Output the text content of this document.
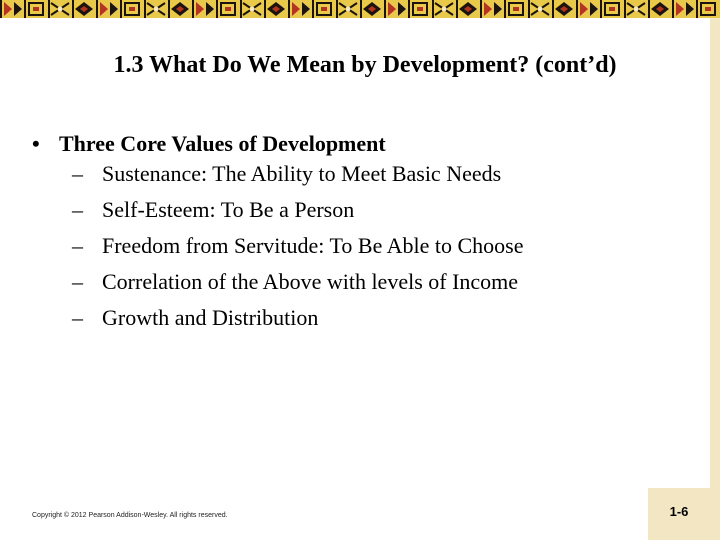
1.3 What Do We Mean by Development? (cont’d)
• Three Core Values of Development
– Sustenance: The Ability to Meet Basic Needs
– Self-Esteem: To Be a Person
– Freedom from Servitude: To Be Able to Choose
– Correlation of the Above with levels of Income
– Growth and Distribution
Copyright © 2012 Pearson Addison-Wesley. All rights reserved.	1-6
